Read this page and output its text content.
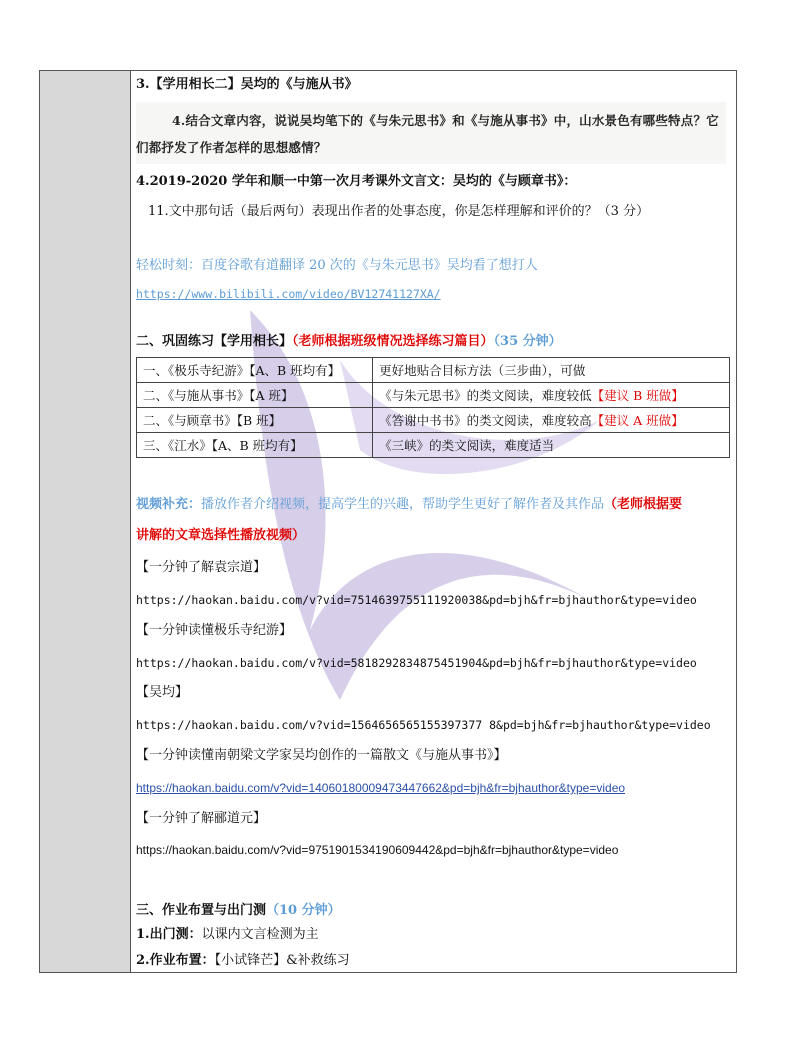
3.【学用相长二】吴均的《与施从书》
4.结合文章内容，说说吴均笔下的《与朱元思书》和《与施从事书》中，山水景色有哪些特点？它
们都抒发了作者怎样的思想感情？
4.2019-2020 学年和顺一中第一次月考课外文言文：吴均的《与顾章书》：
11.文中那句话（最后两句）表现出作者的处事态度，你是怎样理解和评价的？（3 分）
轻松时刻：百度谷歌有道翻译 20 次的《与朱元思书》吴均看了想打人
https://www.bilibili.com/video/BV12741127XA/
二、巩固练习【学用相长】（老师根据班级情况选择练习篇目）（35 分钟）
一、《极乐寺纪游》【A、B 班均有】	更好地贴合目标方法（三步曲），可做
二、《与施从事书》【A 班】	《与朱元思书》的类文阅读，难度较低【建议 B 班做】
二、《与顾章书》【B 班】	《答谢中书书》的类文阅读，难度较高【建议 A 班做】
三、《江水》【A、B 班均有】	《三峡》的类文阅读，难度适当
视频补充：播放作者介绍视频，提高学生的兴趣，帮助学生更好了解作者及其作品（老师根据要
讲解的文章选择性播放视频）
【一分钟了解袁宗道】
https://haokan.baidu.com/v?vid=7514639755111920038&pd=bjh&fr=bjhauthor&type=video
【一分钟读懂极乐寺纪游】
https://haokan.baidu.com/v?vid=5818292834875451904&pd=bjh&fr=bjhauthor&type=video
【吴均】
https://haokan.baidu.com/v?vid=1564656565155397377 8&pd=bjh&fr=bjhauthor&type=video
【一分钟读懂南朝梁文学家吴均创作的一篇散文《与施从事书》】
https://haokan.baidu.com/v?vid=14060180009473447662&pd=bjh&fr=bjhauthor&type=video
【一分钟了解郦道元】
https://haokan.baidu.com/v?vid=9751901534190609442&pd=bjh&fr=bjhauthor&type=video
三、作业布置与出门测（10 分钟）
1.出门测：以课内文言检测为主
2.作业布置：【小试锋芒】&补救练习
